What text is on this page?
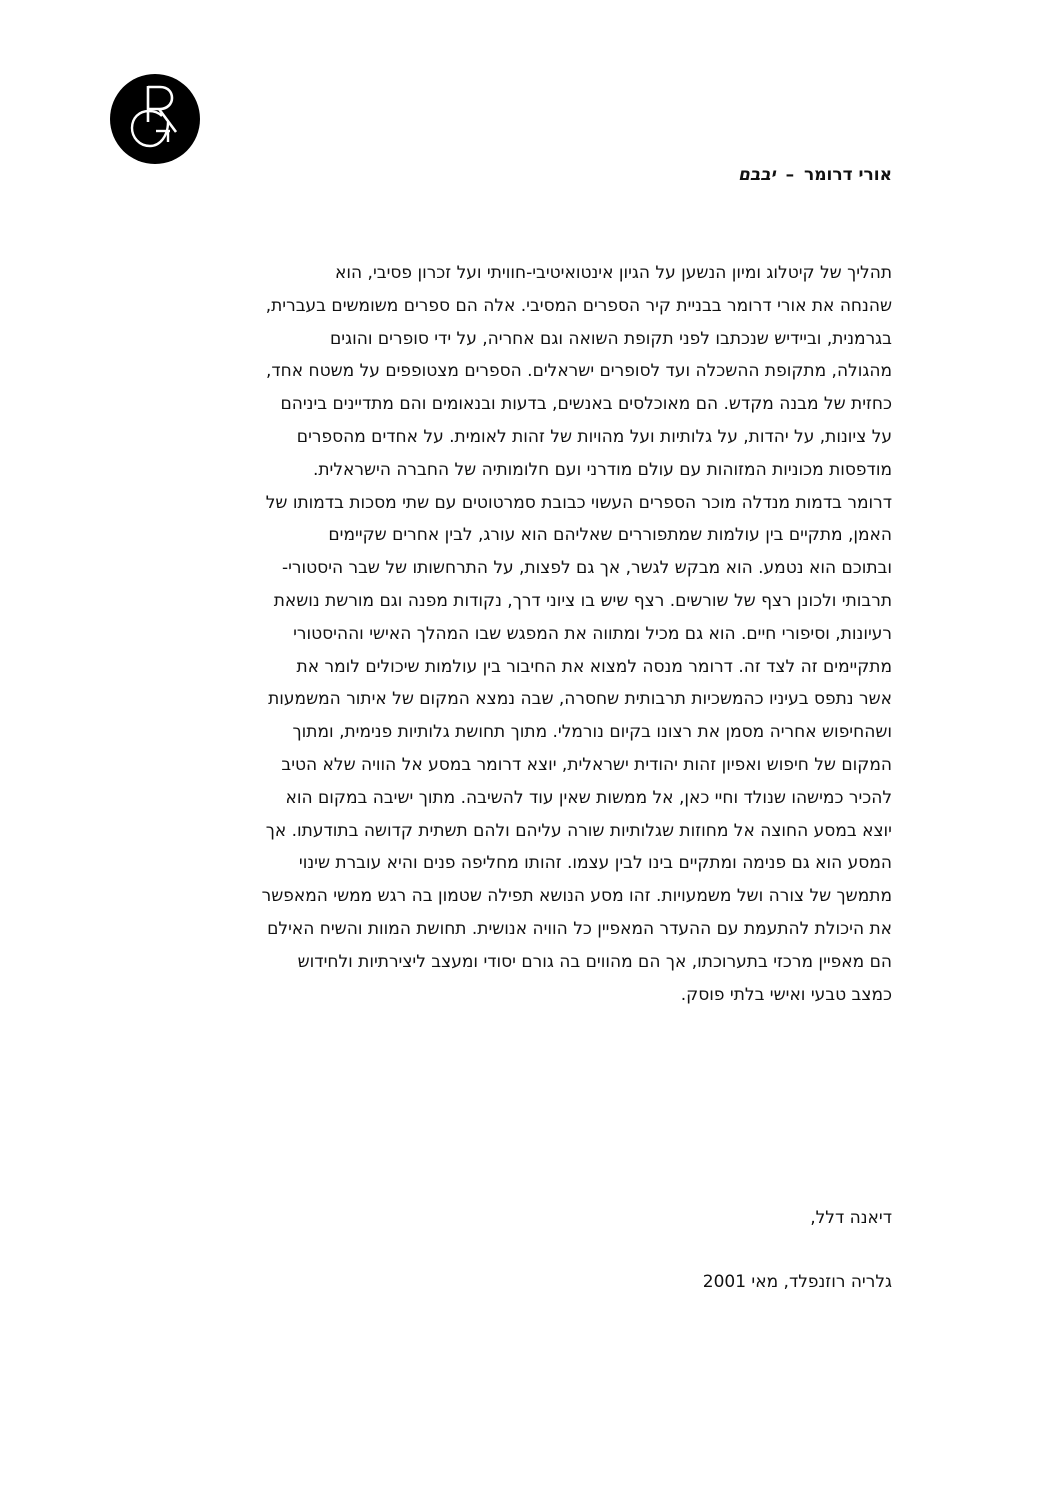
אורי דרומר – יבבם
תהליך של קיטלוג ומיון הנשען על הגיון אינטואיטיבי-חוויתי ועל זכרון פסיבי, הוא
שהנחה את אורי דרומר בבניית קיר הספרים המסיבי. אלה הם ספרים משומשים בעברית,
בגרמנית, וביידיש שנכתבו לפני תקופת השואה וגם אחריה, על ידי סופרים והוגים
מהגולה, מתקופת ההשכלה ועד לסופרים ישראלים. הספרים מצטופפים על משטח אחד,
כחזית של מבנה מקדש. הם מאוכלסים באנשים, בדעות ובנאומים והם מתדיינים ביניהם
על ציונות, על יהדות, על גלותיות ועל מהויות של זהות לאומית. על אחדים מהספרים
מודפסות מכוניות המזוהות עם עולם מודרני ועם חלומותיה של החברה הישראלית.
דרומר בדמות מנדלה מוכר הספרים העשוי כבובת סמרטוטים עם שתי מסכות בדמותו של
האמן, מתקיים בין עולמות שמתפוררים שאליהם הוא עורג, לבין אחרים שקיימים
ובתוכם הוא נטמע. הוא מבקש לגשר, אך גם לפצות, על התרחשותו של שבר היסטורי-
תרבותי ולכונן רצף של שורשים. רצף שיש בו ציוני דרך, נקודות מפנה וגם מורשת נושאת
רעיונות, וסיפורי חיים. הוא גם מכיל ומתווה את המפגש שבו המהלך האישי וההיסטורי
מתקיימים זה לצד זה. דרומר מנסה למצוא את החיבור בין עולמות שיכולים לומר את
אשר נתפס בעיניו כהמשכיות תרבותית שחסרה, שבה נמצא המקום של איתור המשמעות
ושהחיפוש אחריה מסמן את רצונו בקיום נורמלי. מתוך תחושת גלותיות פנימית, ומתוך
המקום של חיפוש ואפיון זהות יהודית ישראלית, יוצא דרומר במסע אל הוויה שלא הטיב
להכיר כמישהו שנולד וחיי כאן, אל ממשות שאין עוד להשיבה. מתוך ישיבה במקום הוא
יוצא במסע החוצה אל מחוזות שגלותיות שורה עליהם ולהם תשתית קדושה בתודעתו. אך
המסע הוא גם פנימה ומתקיים בינו לבין עצמו. זהותו מחליפה פנים והיא עוברת שינוי
מתמשך של צורה ושל משמעויות. זהו מסע הנושא תפילה שטמון בה רגש ממשי המאפשר
את היכולת להתעמת עם ההעדר המאפיין כל הוויה אנושית. תחושת המוות והשיח האילם
הם מאפיין מרכזי בתערוכתו, אך הם מהווים בה גורם יסודי ומעצב ליצירתיות ולחידוש
כמצב טבעי ואישי בלתי פוסק.
דיאנה דלל,
גלריה רוזנפלד, מאי 2001
